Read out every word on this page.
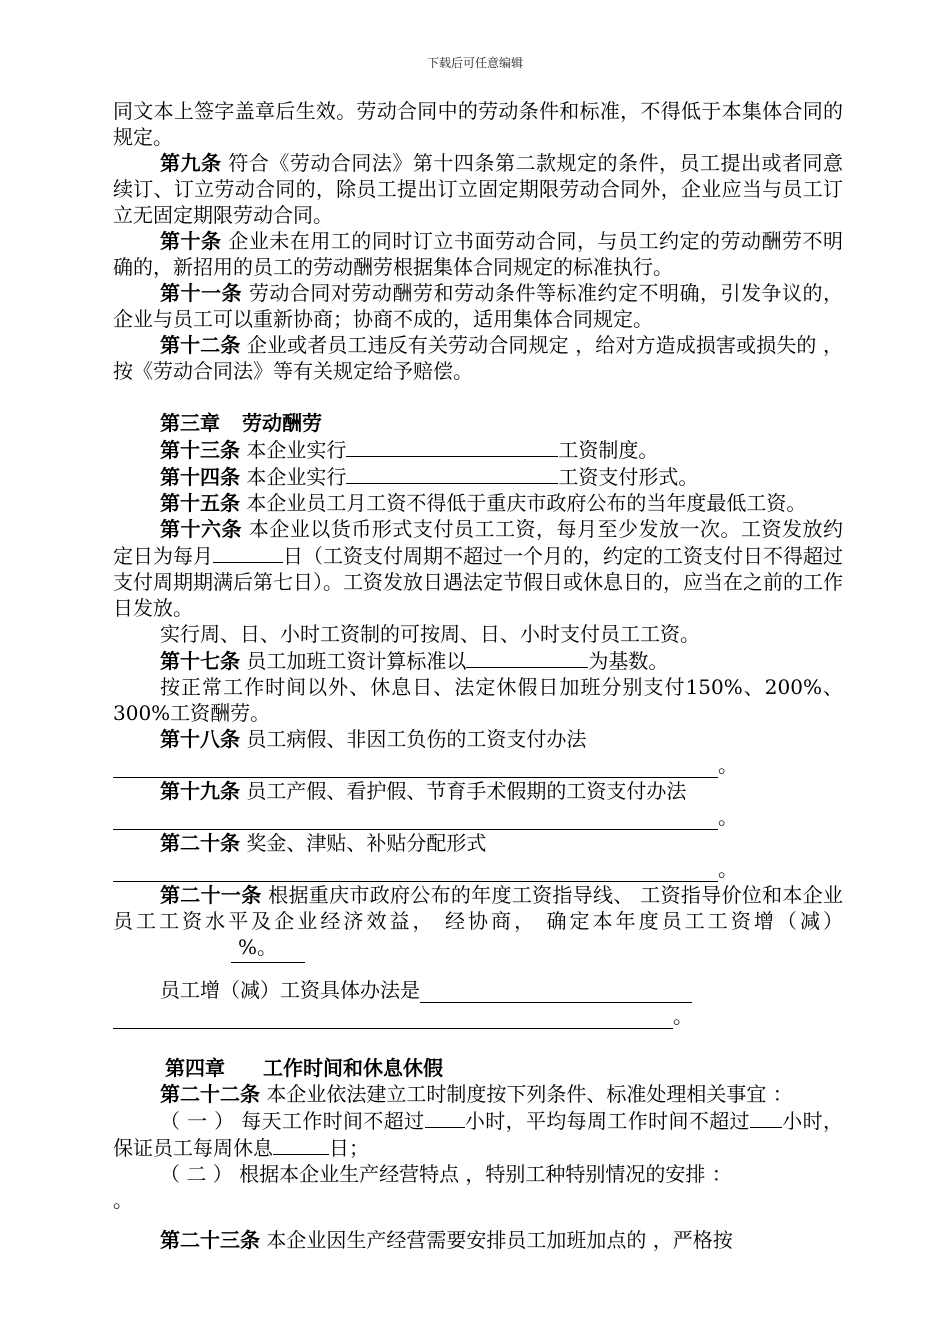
下载后可任意编辑

同文本上签字盖章后生效。劳动合同中的劳动条件和标准，不得低于本集体合同的规定。

第九条 符合《劳动合同法》第十四条第二款规定的条件，员工提出或者同意续订、订立劳动合同的，除员工提出订立固定期限劳动合同外，企业应当与员工订立无固定期限劳动合同。

第十条 企业未在用工的同时订立书面劳动合同，与员工约定的劳动酬劳不明确的，新招用的员工的劳动酬劳根据集体合同规定的标准执行。

第十一条 劳动合同对劳动酬劳和劳动条件等标准约定不明确，引发争议的，企业与员工可以重新协商；协商不成的，适用集体合同规定。

第十二条 企业或者员工违反有关劳动合同规定 ，给对方造成损害或损失的 ，按《劳动合同法》等有关规定给予赔偿。

第三章 劳动酬劳

第十三条 本企业实行	工资制度。

第十四条 本企业实行	工资支付形式。

第十五条 本企业员工月工资不得低于重庆市政府公布的当年度最低工资。

第十六条 本企业以货币形式支付员工工资，每月至少发放一次。工资发放约定日为每月	日（工资支付周期不超过一个月的，约定的工资支付日不得超过支付周期期满后第七日）。工资发放日遇法定节假日或休息日的，应当在之前的工作日发放。

实行周、日、小时工资制的可按周、日、小时支付员工工资。

第十七条 员工加班工资计算标准以	为基数。

按正常工作时间以外、休息日、法定休假日加班分别支付150%、200%、300%工资酬劳。

第十八条 员工病假、非因工负伤的工资支付办法

。

第十九条 员工产假、看护假、节育手术假期的工资支付办法

。

第二十条 奖金、津贴、补贴分配形式

。

第二十一条 根据重庆市政府公布的年度工资指导线、 工资指导价位和本企业员工工资水平及企业经济效益， 经协商， 确定本年度员工工资增（减）%。

员工增（减）工资具体办法是

。

第四章 工作时间和休息休假

第二十二条 本企业依法建立工时制度按下列条件、标准处理相关事宜 ：

（ 一 ） 每天工作时间不超过 小时，平均每周工作时间不超过 小时，保证员工每周休息	日；

（ 二 ） 根据本企业生产经营特点 ，特别工种特别情况的安排 ：

。

第二十三条 本企业因生产经营需要安排员工加班加点的 ，严格按
